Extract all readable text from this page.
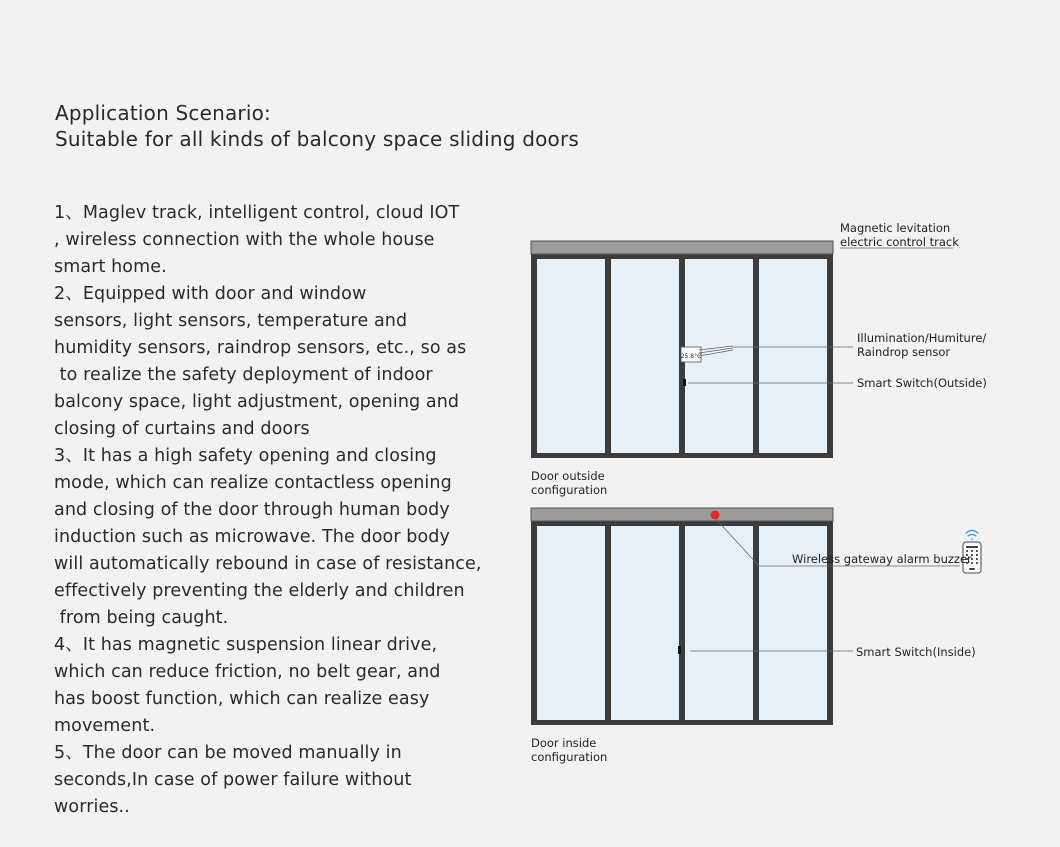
Application Scenario:
Suitable for all kinds of balcony space sliding doors
1、Maglev track, intelligent control, cloud IOT
, wireless connection with the whole house
smart home.
2、Equipped with door and window
sensors, light sensors, temperature and
humidity sensors, raindrop sensors, etc., so as
to realize the safety deployment of indoor
balcony space, light adjustment, opening and
closing of curtains and doors
3、It has a high safety opening and closing
mode, which can realize contactless opening
and closing of the door through human body
induction such as microwave. The door body
will automatically rebound in case of resistance,
effectively preventing the elderly and children
from being caught.
4、It has magnetic suspension linear drive,
which can reduce friction, no belt gear, and
has boost function, which can realize easy
movement.
5、The door can be moved manually in
seconds,In case of power failure without
worries..
25.8°C
Magnetic levitation
electric control track
Illumination/Humiture/
Raindrop sensor
Smart Switch(Outside)
Door outside
configuration
Wireless gateway alarm buzzer
Smart Switch(Inside)
Door inside
configuration
